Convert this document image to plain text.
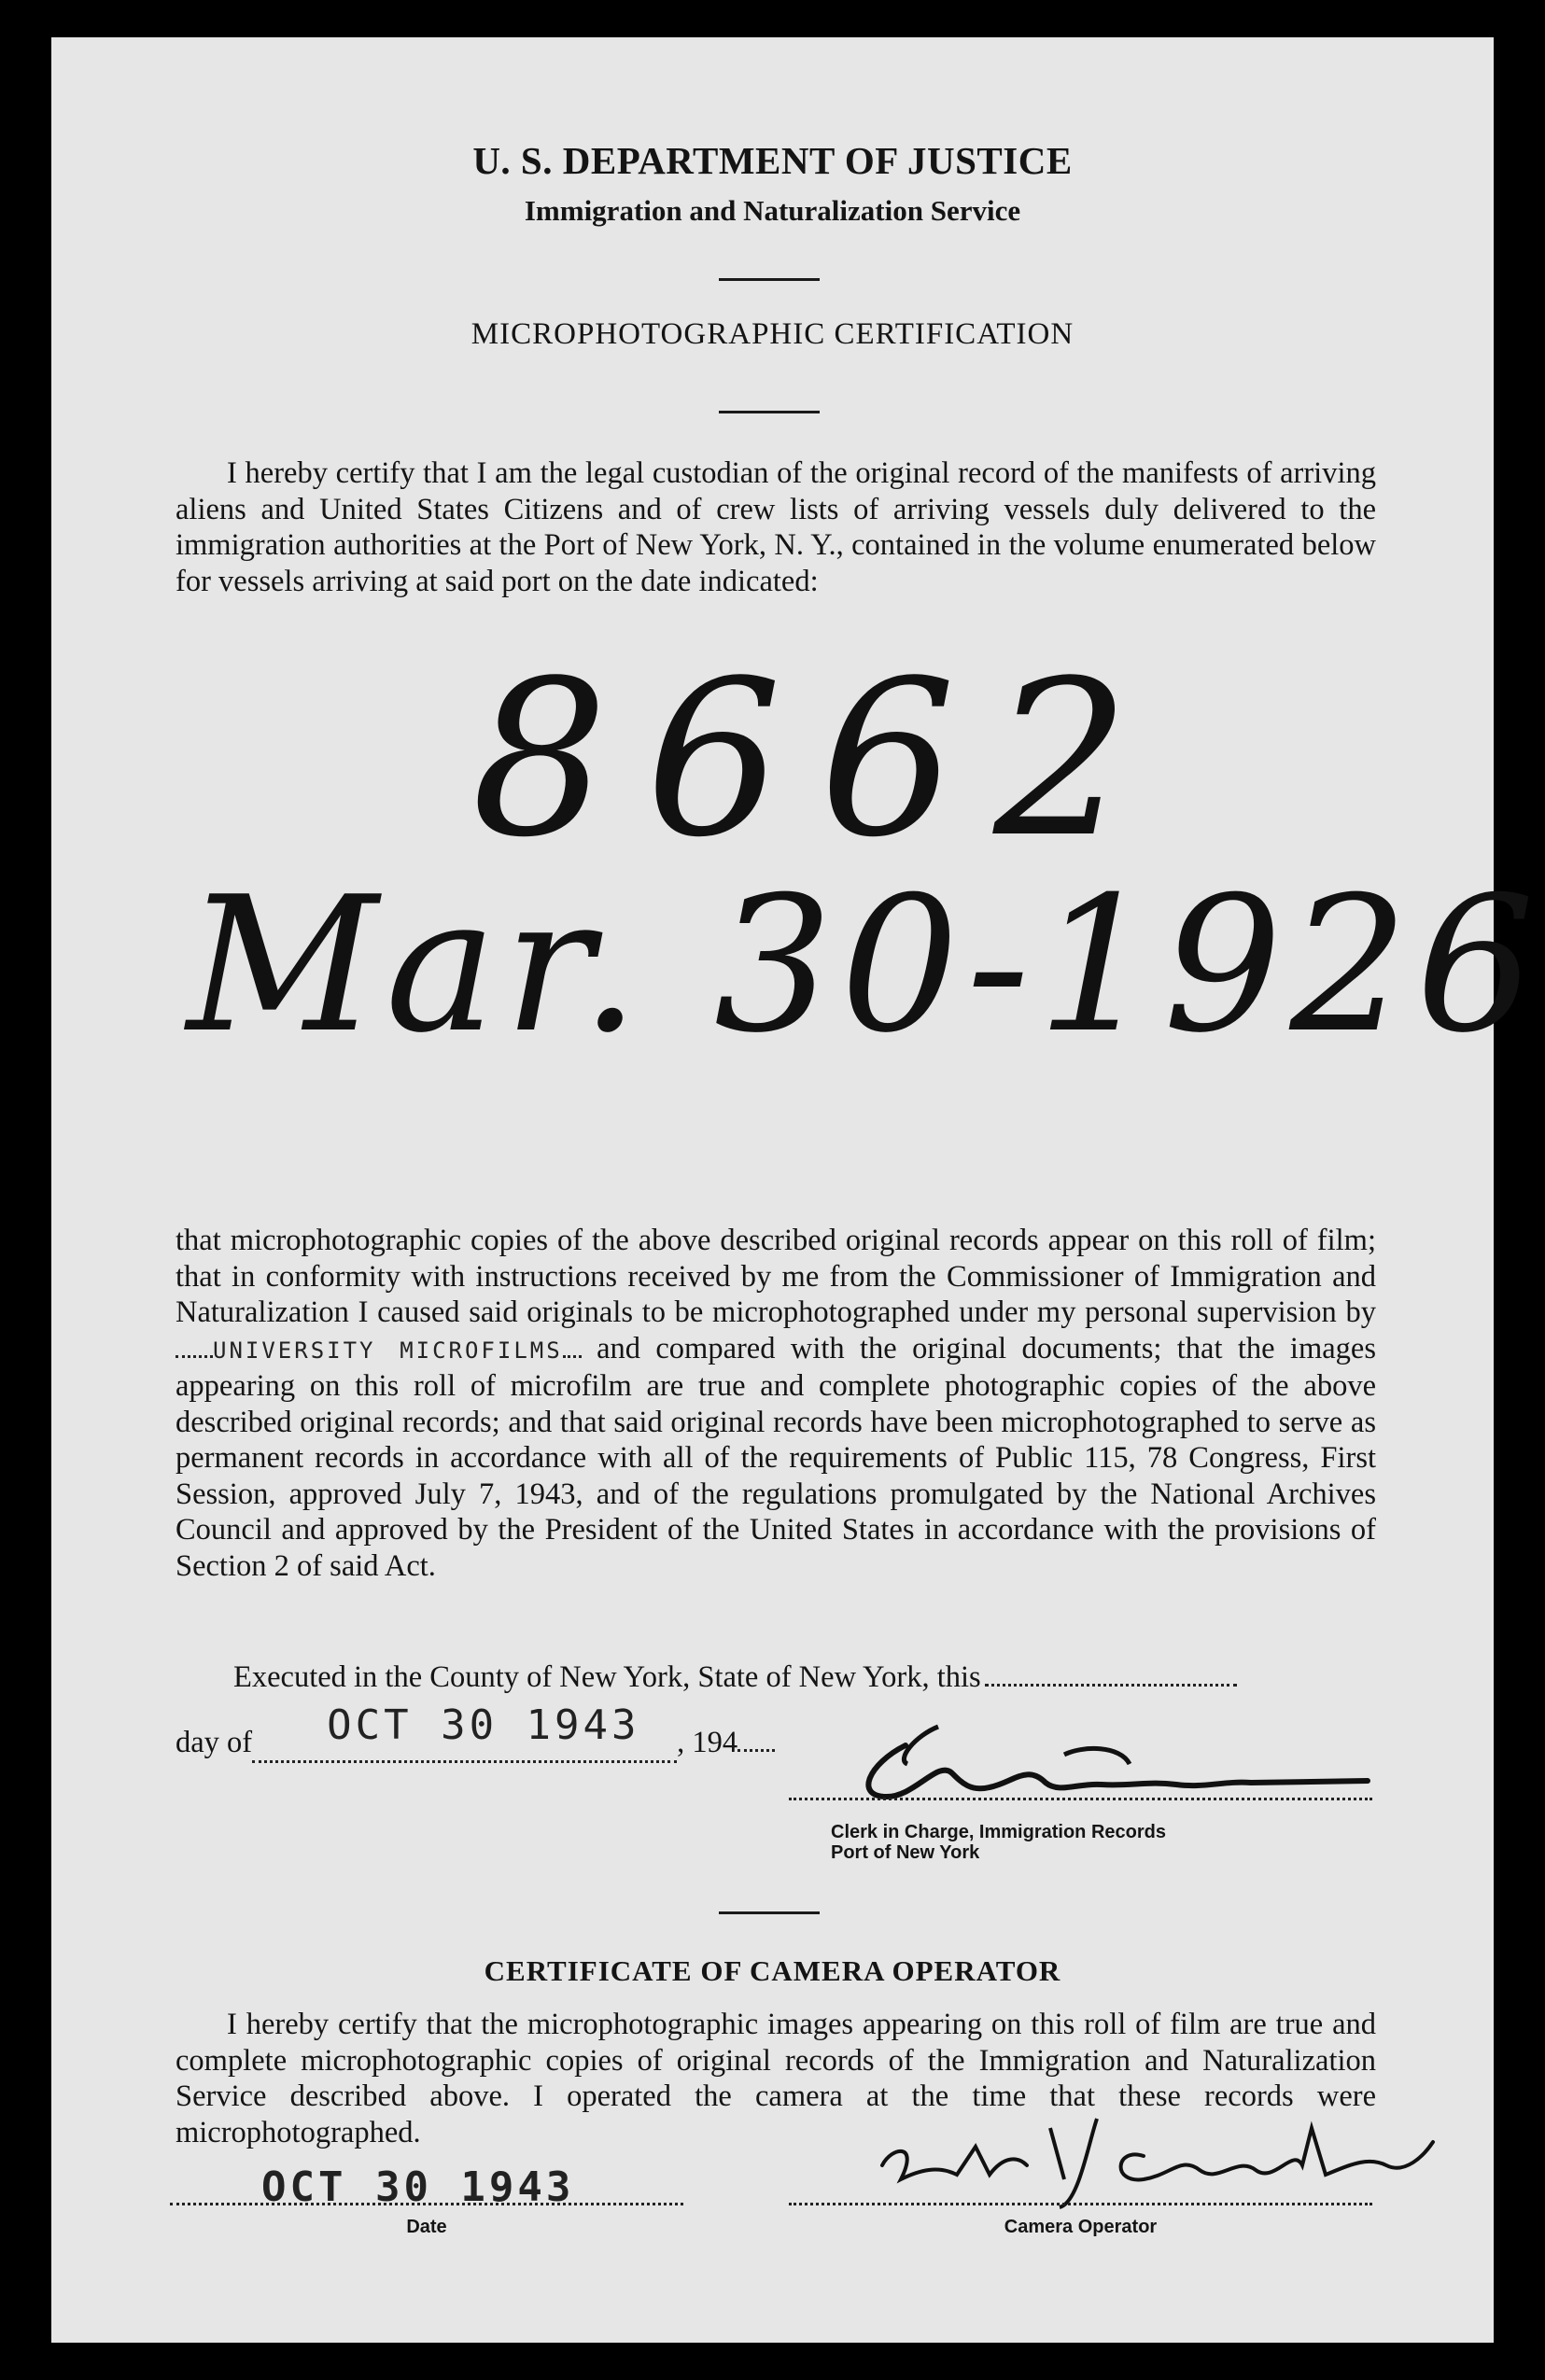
U. S. DEPARTMENT OF JUSTICE
Immigration and Naturalization Service
MICROPHOTOGRAPHIC CERTIFICATION

I hereby certify that I am the legal custodian of the original record of the manifests of arriving aliens and United States Citizens and of crew lists of arriving vessels duly delivered to the immigration authorities at the Port of New York, N. Y., contained in the volume enumerated below for vessels arriving at said port on the date indicated:

8662
Mar. 30-1926

that microphotographic copies of the above described original records appear on this roll of film; that in conformity with instructions received by me from the Commissioner of Immigration and Naturalization I caused said originals to be microphotographed under my personal supervision byUNIVERSITY MICROFILMS and compared with the original documents; that the images appearing on this roll of microfilm are true and complete photographic copies of the above described original records; and that said original records have been microphotographed to serve as permanent records in accordance with all of the requirements of Public 115, 78 Congress, First Session, approved July 7, 1943, and of the regulations promulgated by the National Archives Council and approved by the President of the United States in accordance with the provisions of Section 2 of said Act.

Executed in the County of New York, State of New York, this
day of OCT 30 1943 , 194
Clerk in Charge, Immigration Records
Port of New York
CERTIFICATE OF CAMERA OPERATOR

I hereby certify that the microphotographic images appearing on this roll of film are true and complete microphotographic copies of original records of the Immigration and Naturalization Service described above. I operated the camera at the time that these records were microphotographed.

OCT 30 1943
Date	Camera Operator
